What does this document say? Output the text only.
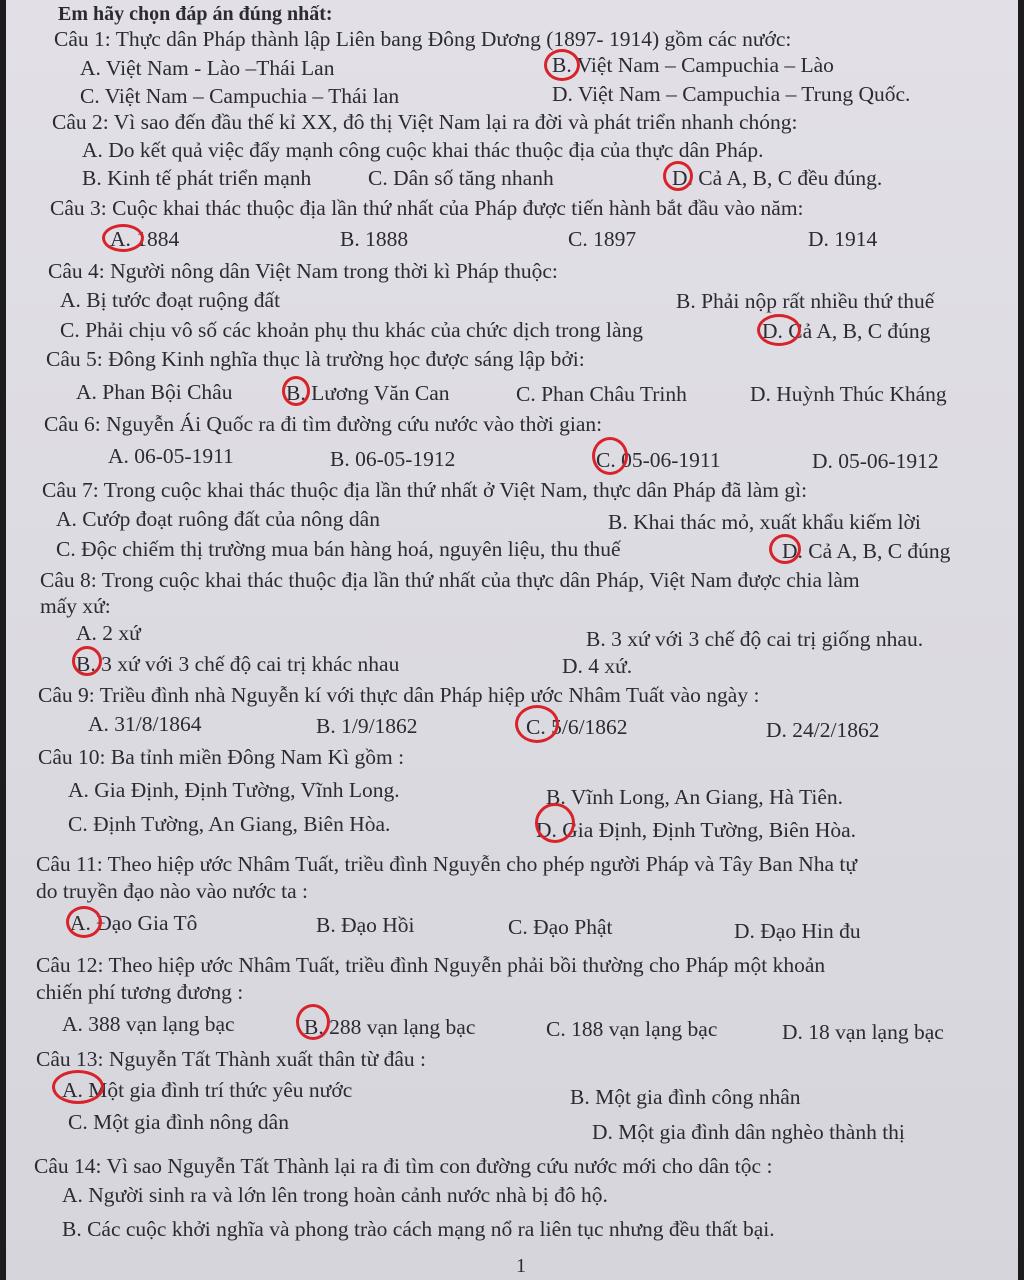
Em hãy chọn đáp án đúng nhất:
Câu 1: Thực dân Pháp thành lập Liên bang Đông Dương (1897- 1914) gồm các nước:
A. Việt Nam - Lào –Thái Lan	B. Việt Nam – Campuchia – Lào
C. Việt Nam – Campuchia – Thái lan	D. Việt Nam – Campuchia – Trung Quốc.
Câu 2: Vì sao đến đầu thế kỉ XX, đô thị Việt Nam lại ra đời và phát triển nhanh chóng:
A. Do kết quả việc đẩy mạnh công cuộc khai thác thuộc địa của thực dân Pháp.
B. Kinh tế phát triển mạnh	C. Dân số tăng nhanh	D. Cả A, B, C đều đúng.
Câu 3: Cuộc khai thác thuộc địa lần thứ nhất của Pháp được tiến hành bắt đầu vào năm:
A. 1884	B. 1888	C. 1897	D. 1914
Câu 4: Người nông dân Việt Nam trong thời kì Pháp thuộc:
A. Bị tước đoạt ruộng đất	B. Phải nộp rất nhiều thứ thuế
C. Phải chịu vô số các khoản phụ thu khác của chức dịch trong làng	D. Cả A, B, C đúng
Câu 5: Đông Kinh nghĩa thục là trường học được sáng lập bởi:
A. Phan Bội Châu B. Lương Văn Can	C. Phan Châu Trinh	D. Huỳnh Thúc Kháng
Câu 6: Nguyễn Ái Quốc ra đi tìm đường cứu nước vào thời gian:
A. 06-05-1911	B. 06-05-1912	C. 05-06-1911	D. 05-06-1912
Câu 7: Trong cuộc khai thác thuộc địa lần thứ nhất ở Việt Nam, thực dân Pháp đã làm gì:
A. Cướp đoạt ruông đất của nông dân	B. Khai thác mỏ, xuất khẩu kiếm lời
C. Độc chiếm thị trường mua bán hàng hoá, nguyên liệu, thu thuế	D. Cả A, B, C đúng
Câu 8: Trong cuộc khai thác thuộc địa lần thứ nhất của thực dân Pháp, Việt Nam được chia làm
mấy xứ:
A. 2 xứ	B. 3 xứ với 3 chế độ cai trị giống nhau.
B. 3 xứ với 3 chế độ cai trị khác nhau	D. 4 xứ.
Câu 9: Triều đình nhà Nguyễn kí với thực dân Pháp hiệp ước Nhâm Tuất vào ngày :
A. 31/8/1864	B. 1/9/1862	C. 5/6/1862	D. 24/2/1862
Câu 10: Ba tỉnh miền Đông Nam Kì gồm :
A. Gia Định, Định Tường, Vĩnh Long.	B. Vĩnh Long, An Giang, Hà Tiên.
C. Định Tường, An Giang, Biên Hòa.	D. Gia Định, Định Tường, Biên Hòa.
Câu 11: Theo hiệp ước Nhâm Tuất, triều đình Nguyễn cho phép người Pháp và Tây Ban Nha tự
do truyền đạo nào vào nước ta :
A. Đạo Gia Tô	B. Đạo Hồi	C. Đạo Phật	D. Đạo Hin đu
Câu 12: Theo hiệp ước Nhâm Tuất, triều đình Nguyễn phải bồi thường cho Pháp một khoản
chiến phí tương đương :
A. 388 vạn lạng bạc	B. 288 vạn lạng bạc	C. 188 vạn lạng bạc	D. 18 vạn lạng bạc
Câu 13: Nguyễn Tất Thành xuất thân từ đâu :
A. Một gia đình trí thức yêu nước	B. Một gia đình công nhân
C. Một gia đình nông dân	D. Một gia đình dân nghèo thành thị
Câu 14: Vì sao Nguyễn Tất Thành lại ra đi tìm con đường cứu nước mới cho dân tộc :
A. Người sinh ra và lớn lên trong hoàn cảnh nước nhà bị đô hộ.
B. Các cuộc khởi nghĩa và phong trào cách mạng nổ ra liên tục nhưng đều thất bại.
1
